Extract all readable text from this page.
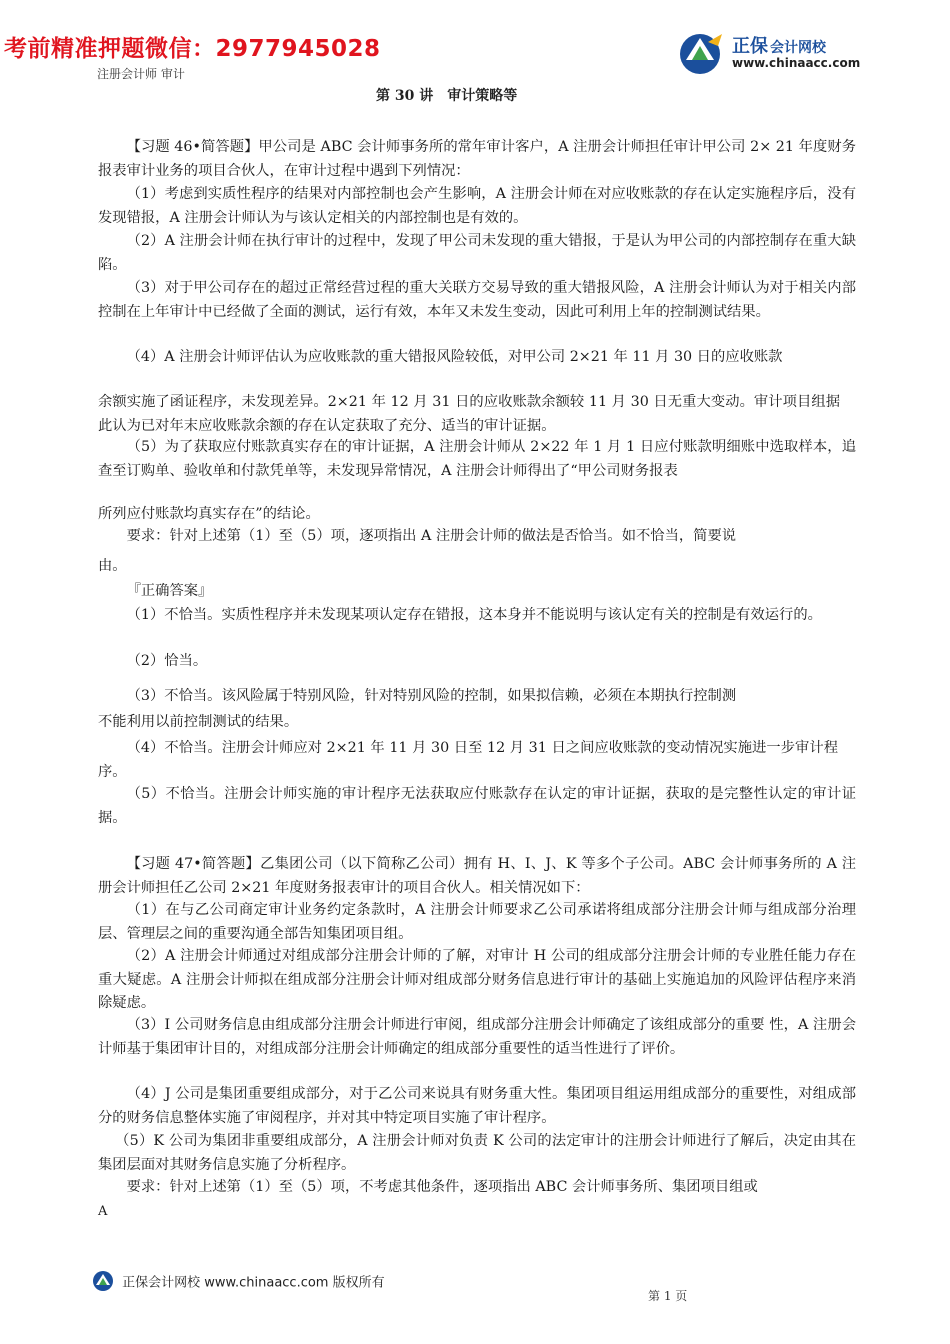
考前精准押题微信：2977945028
注册会计师 审计
第 30 讲　审计策略等
正保 会计网校
www.chinaacc.com
【习题 46•简答题】甲公司是 ABC 会计师事务所的常年审计客户，A 注册会计师担任审计甲公司 2× 21 年度财务报表审计业务的项目合伙人，在审计过程中遇到下列情况：
（1）考虑到实质性程序的结果对内部控制也会产生影响，A 注册会计师在对应收账款的存在认定实施程序后，没有发现错报，A 注册会计师认为与该认定相关的内部控制也是有效的。
（2）A 注册会计师在执行审计的过程中，发现了甲公司未发现的重大错报，于是认为甲公司的内部控制存在重大缺陷。
（3）对于甲公司存在的超过正常经营过程的重大关联方交易导致的重大错报风险，A 注册会计师认为对于相关内部控制在上年审计中已经做了全面的测试，运行有效，本年又未发生变动，因此可利用上年的控制测试结果。
（4）A 注册会计师评估认为应收账款的重大错报风险较低，对甲公司 2×21 年 11 月 30 日的应收账款
余额实施了函证程序，未发现差异。2×21 年 12 月 31 日的应收账款余额较 11 月 30 日无重大变动。审计项目组据此认为已对年末应收账款余额的存在认定获取了充分、适当的审计证据。
（5）为了获取应付账款真实存在的审计证据，A 注册会计师从 2×22 年 1 月 1 日应付账款明细账中选取样本，追查至订购单、验收单和付款凭单等，未发现异常情况，A 注册会计师得出了“甲公司财务报表
所列应付账款均真实存在”的结论。
要求：针对上述第（1）至（5）项，逐项指出 A 注册会计师的做法是否恰当。如不恰当，简要说
由。
『正确答案』
（1）不恰当。实质性程序并未发现某项认定存在错报，这本身并不能说明与该认定有关的控制是有效运行的。
（2）恰当。
（3）不恰当。该风险属于特别风险，针对特别风险的控制，如果拟信赖，必须在本期执行控制测
不能利用以前控制测试的结果。
（4）不恰当。注册会计师应对 2×21 年 11 月 30 日至 12 月 31 日之间应收账款的变动情况实施进一步审计程序。
（5）不恰当。注册会计师实施的审计程序无法获取应付账款存在认定的审计证据，获取的是完整性认定的审计证据。
【习题 47•简答题】乙集团公司（以下简称乙公司）拥有 H、I、J、K 等多个子公司。ABC 会计师事务所的 A 注册会计师担任乙公司 2×21 年度财务报表审计的项目合伙人。相关情况如下：
（1）在与乙公司商定审计业务约定条款时，A 注册会计师要求乙公司承诺将组成部分注册会计师与组成部分治理层、管理层之间的重要沟通全部告知集团项目组。
（2）A 注册会计师通过对组成部分注册会计师的了解，对审计 H 公司的组成部分注册会计师的专业胜任能力存在重大疑虑。A 注册会计师拟在组成部分注册会计师对组成部分财务信息进行审计的基础上实施追加的风险评估程序来消除疑虑。
（3）I 公司财务信息由组成部分注册会计师进行审阅，组成部分注册会计师确定了该组成部分的重要 性，A 注册会计师基于集团审计目的，对组成部分注册会计师确定的组成部分重要性的适当性进行了评价。
（4）J 公司是集团重要组成部分，对于乙公司来说具有财务重大性。集团项目组运用组成部分的重要性，对组成部分的财务信息整体实施了审阅程序，并对其中特定项目实施了审计程序。
（5）K 公司为集团非重要组成部分，A 注册会计师对负责 K 公司的法定审计的注册会计师进行了解后，决定由其在集团层面对其财务信息实施了分析程序。
要求：针对上述第（1）至（5）项，不考虑其他条件，逐项指出 ABC 会计师事务所、集团项目组或
A
正保会计网校 www.chinaacc.com 版权所有
第 1 页
